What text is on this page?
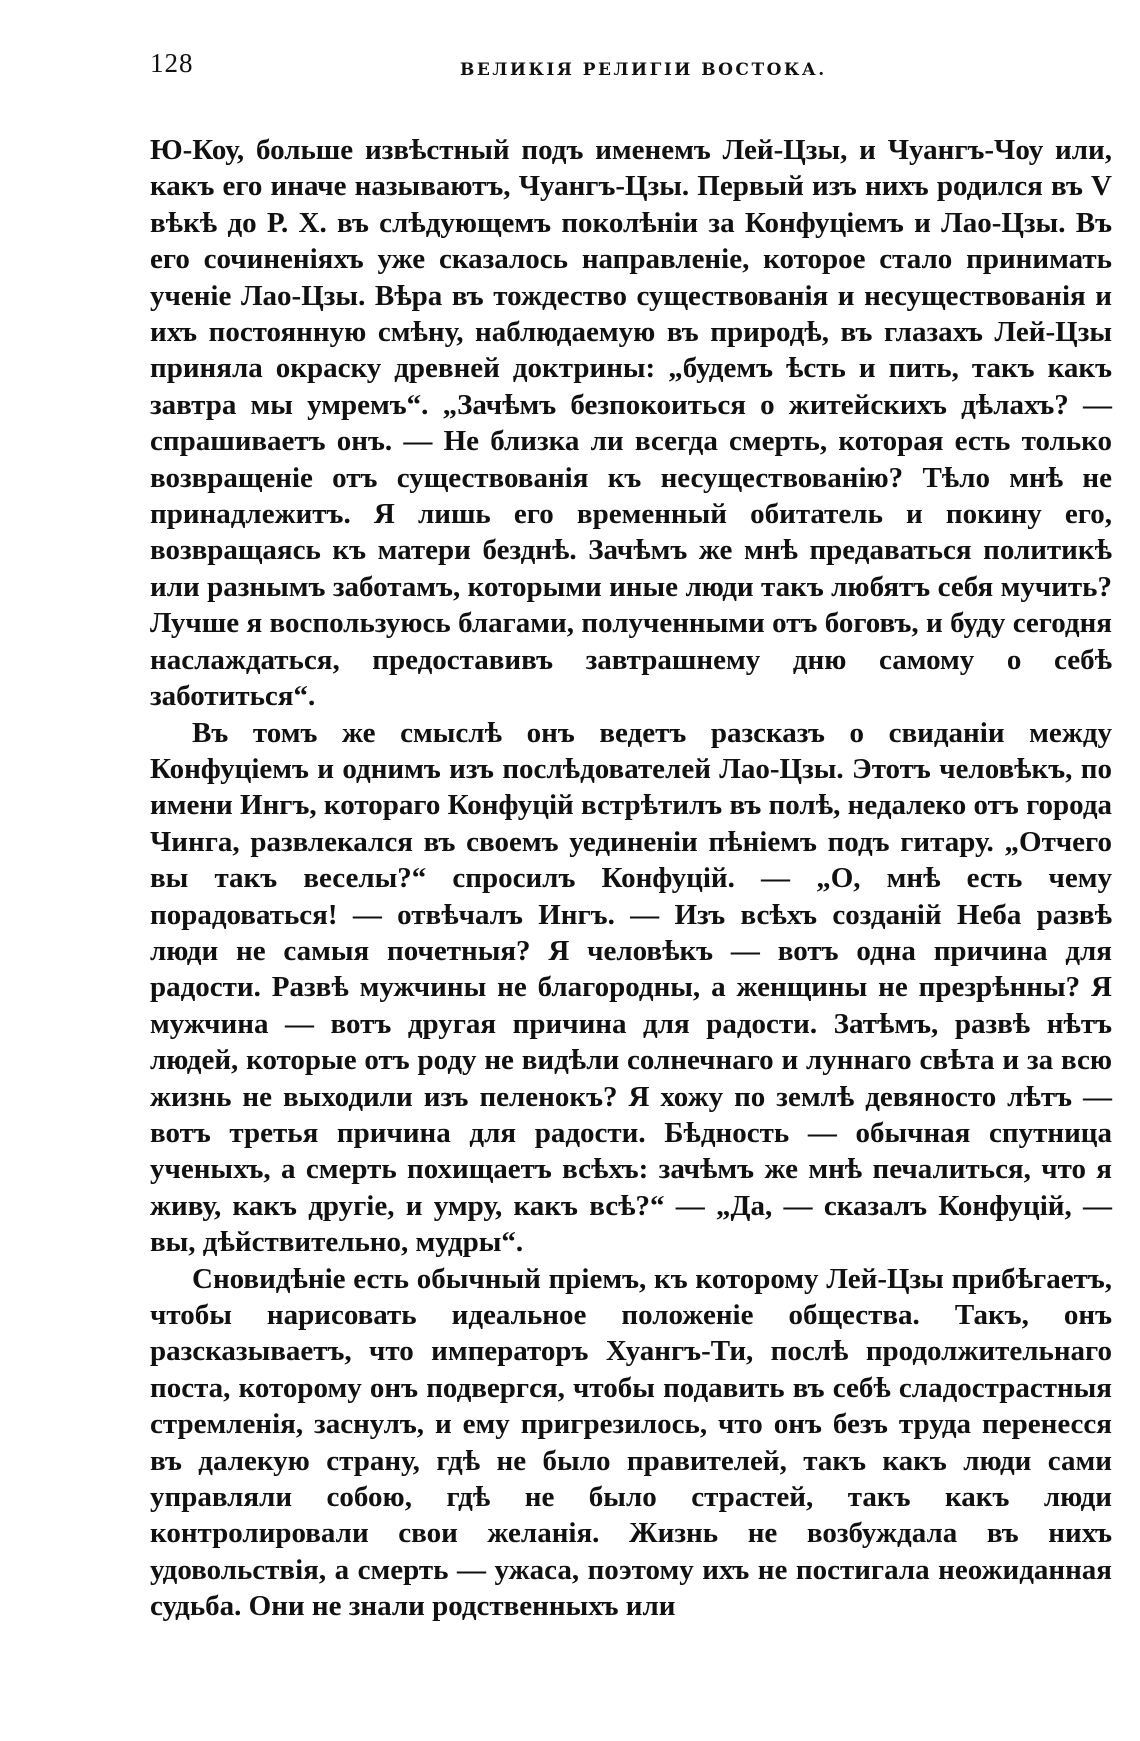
128	ВЕЛИКІЯ РЕЛИГІИ ВОСТОКА.

Ю-Коу, больше извѣстный подъ именемъ Лей-Цзы, и Чуангъ-Чоу или, какъ его иначе называютъ, Чуангъ-Цзы. Первый изъ нихъ родился въ V вѣкѣ до Р. Х. въ слѣдующемъ поколѣніи за Конфуціемъ и Лао-Цзы. Въ его сочиненіяхъ уже сказалось направленіе, которое стало принимать ученіе Лао-Цзы. Вѣра въ тождество существованія и несуществованія и ихъ постоянную смѣну, наблюдаемую въ природѣ, въ глазахъ Лей-Цзы приняла окраску древней доктрины: „будемъ ѣсть и пить, такъ какъ завтра мы умремъ“. „Зачѣмъ безпокоиться о житейскихъ дѣлахъ? — спрашиваетъ онъ. — Не близка ли всегда смерть, которая есть только возвращеніе отъ существованія къ несуществованію? Тѣло мнѣ не принадлежитъ. Я лишь его временный обитатель и покину его, возвращаясь къ матери безднѣ. Зачѣмъ же мнѣ предаваться политикѣ или разнымъ заботамъ, которыми иные люди такъ любятъ себя мучить? Лучше я воспользуюсь благами, полученными отъ боговъ, и буду сегодня наслаждаться, предоставивъ завтрашнему дню самому о себѣ заботиться“.

Въ томъ же смыслѣ онъ ведетъ разсказъ о свиданіи между Конфуціемъ и однимъ изъ послѣдователей Лао-Цзы. Этотъ человѣкъ, по имени Ингъ, котораго Конфуцій встрѣтилъ въ полѣ, недалеко отъ города Чинга, развлекался въ своемъ уединеніи пѣніемъ подъ гитару. „Отчего вы такъ веселы?“ спросилъ Конфуцій. — „О, мнѣ есть чему порадоваться! — отвѣчалъ Ингъ. — Изъ всѣхъ созданій Неба развѣ люди не самыя почетныя? Я человѣкъ — вотъ одна причина для радости. Развѣ мужчины не благородны, а женщины не презрѣнны? Я мужчина — вотъ другая причина для радости. Затѣмъ, развѣ нѣтъ людей, которые отъ роду не видѣли солнечнаго и луннаго свѣта и за всю жизнь не выходили изъ пеленокъ? Я хожу по землѣ девяносто лѣтъ — вотъ третья причина для радости. Бѣдность — обычная спутница ученыхъ, а смерть похищаетъ всѣхъ: зачѣмъ же мнѣ печалиться, что я живу, какъ другіе, и умру, какъ всѣ?“ — „Да, — сказалъ Конфуцій, — вы, дѣйствительно, мудры“.

Сновидѣніе есть обычный пріемъ, къ которому Лей-Цзы прибѣгаетъ, чтобы нарисовать идеальное положеніе общества. Такъ, онъ разсказываетъ, что императоръ Хуангъ-Ти, послѣ продолжительнаго поста, которому онъ подвергся, чтобы подавить въ себѣ сладострастныя стремленія, заснулъ, и ему пригрезилось, что онъ безъ труда перенесся въ далекую страну, гдѣ не было правителей, такъ какъ люди сами управляли собою, гдѣ не было страстей, такъ какъ люди контролировали свои желанія. Жизнь не возбуждала въ нихъ удовольствія, а смерть — ужаса, поэтому ихъ не постигала неожиданная судьба. Они не знали родственныхъ или
